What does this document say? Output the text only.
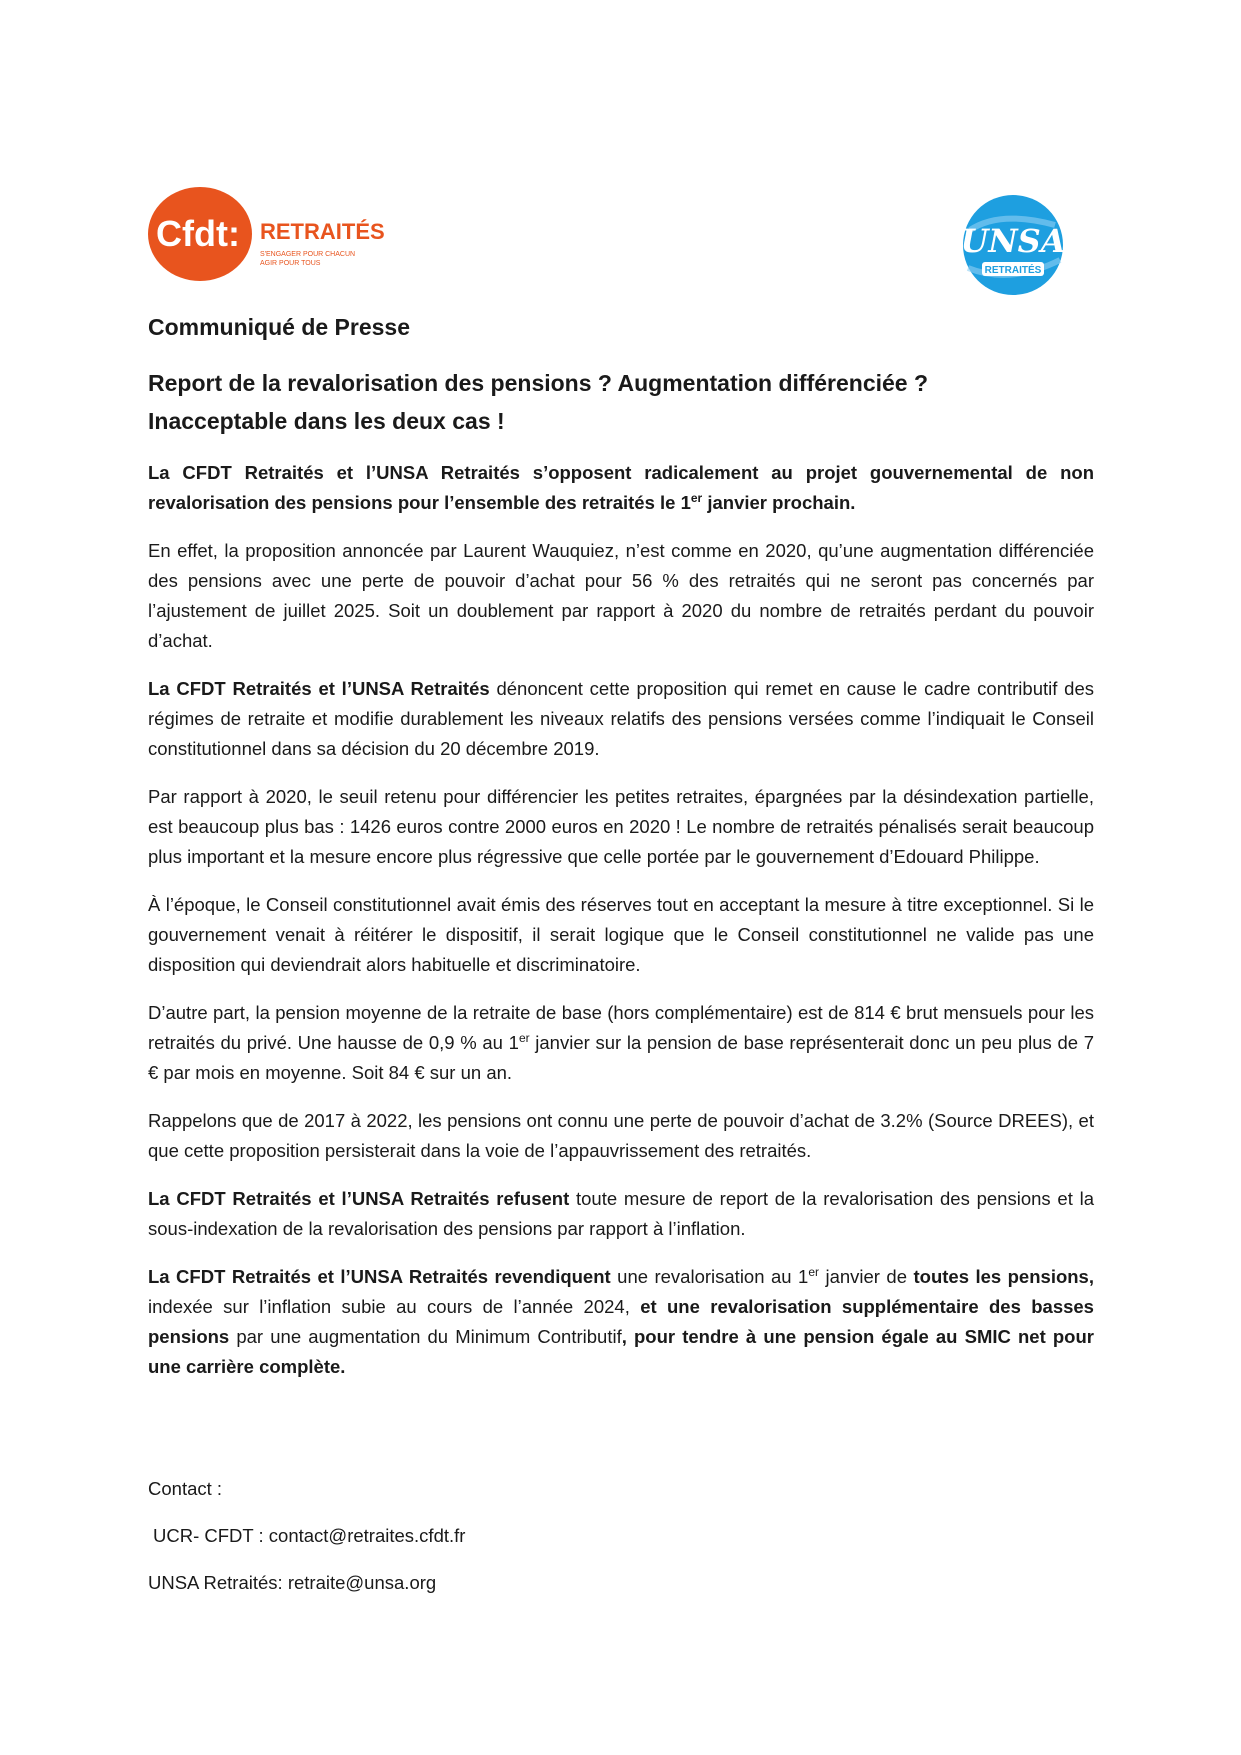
Cfdt: RETRAITÉS
S'ENGAGER POUR CHACUN
AGIR POUR TOUS
UNSA
RETRAITÉS

Communiqué de Presse

Report de la revalorisation des pensions ? Augmentation différenciée ?
Inacceptable dans les deux cas !

La CFDT Retraités et l’UNSA Retraités s’opposent radicalement au projet gouvernemental de non revalorisation des pensions pour l’ensemble des retraités le 1er janvier prochain.

En effet, la proposition annoncée par Laurent Wauquiez, n’est comme en 2020, qu’une augmentation différenciée des pensions avec une perte de pouvoir d’achat pour 56 % des retraités qui ne seront pas concernés par l’ajustement de juillet 2025. Soit un doublement par rapport à 2020 du nombre de retraités perdant du pouvoir d’achat.

La CFDT Retraités et l’UNSA Retraités dénoncent cette proposition qui remet en cause le cadre contributif des régimes de retraite et modifie durablement les niveaux relatifs des pensions versées comme l’indiquait le Conseil constitutionnel dans sa décision du 20 décembre 2019.

Par rapport à 2020, le seuil retenu pour différencier les petites retraites, épargnées par la désindexation partielle, est beaucoup plus bas : 1426 euros contre 2000 euros en 2020 ! Le nombre de retraités pénalisés serait beaucoup plus important et la mesure encore plus régressive que celle portée par le gouvernement d’Edouard Philippe.

À l’époque, le Conseil constitutionnel avait émis des réserves tout en acceptant la mesure à titre exceptionnel. Si le gouvernement venait à réitérer le dispositif, il serait logique que le Conseil constitutionnel ne valide pas une disposition qui deviendrait alors habituelle et discriminatoire.

D’autre part, la pension moyenne de la retraite de base (hors complémentaire) est de 814 € brut mensuels pour les retraités du privé. Une hausse de 0,9 % au 1er janvier sur la pension de base représenterait donc un peu plus de 7 € par mois en moyenne. Soit 84 € sur un an.

Rappelons que de 2017 à 2022, les pensions ont connu une perte de pouvoir d’achat de 3.2% (Source DREES), et que cette proposition persisterait dans la voie de l’appauvrissement des retraités.

La CFDT Retraités et l’UNSA Retraités refusent toute mesure de report de la revalorisation des pensions et la sous-indexation de la revalorisation des pensions par rapport à l’inflation.

La CFDT Retraités et l’UNSA Retraités revendiquent une revalorisation au 1er janvier de toutes les pensions, indexée sur l’inflation subie au cours de l’année 2024, et une revalorisation supplémentaire des basses pensions par une augmentation du Minimum Contributif, pour tendre à une pension égale au SMIC net pour une carrière complète.

Contact :

UCR- CFDT : contact@retraites.cfdt.fr

UNSA Retraités: retraite@unsa.org
